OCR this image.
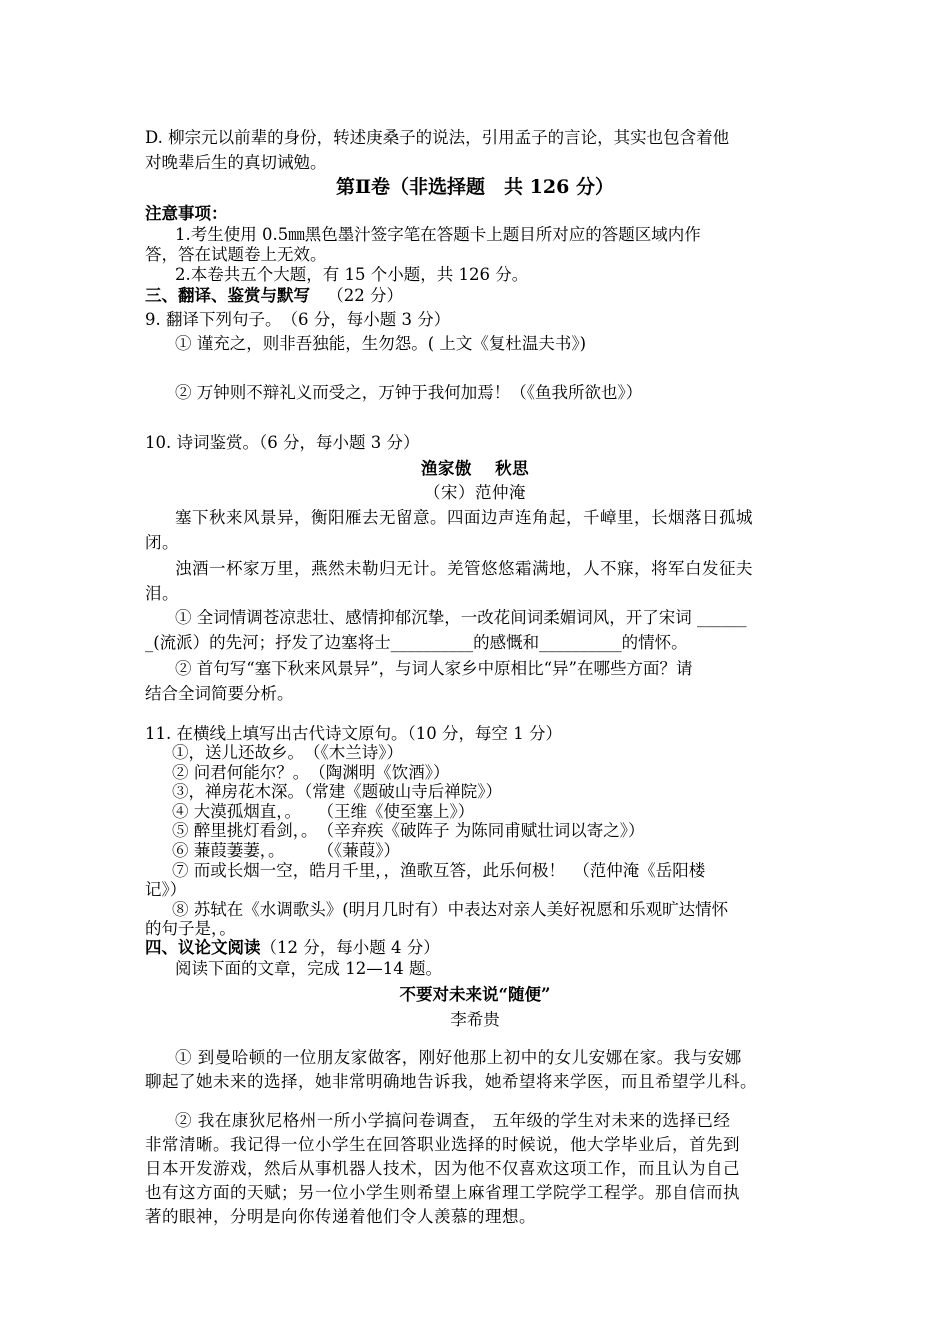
D. 柳宗元以前辈的身份，转述庚桑子的说法，引用孟子的言论，其实也包含着他
对晚辈后生的真切诫勉。
第Ⅱ卷（非选择题　共 126 分）
注意事项：
1.考生使用 0.5㎜黑色墨汁签字笔在答题卡上题目所对应的答题区域内作
答，答在试题卷上无效。
2.本卷共五个大题，有 15 个小题，共 126 分。
三、翻译、鉴赏与默写 （22 分）
9. 翻译下列句子。　（6 分，每小题 3 分）
① 谨充之，则非吾独能，生勿怨。( 上文《复杜温夫书》)
② 万钟则不辩礼义而受之，万钟于我何加焉！（《鱼我所欲也》）
10. 诗词鉴赏。（6 分，每小题 3 分）
渔家傲　 秋思
（宋）范仲淹
塞下秋来风景异，衡阳雁去无留意。四面边声连角起，千嶂里，长烟落日孤城
闭。
浊酒一杯家万里，燕然未勒归无计。羌管悠悠霜满地，人不寐，将军白发征夫
泪。
① 全词情调苍凉悲壮、感情抑郁沉挚，一改花间词柔媚词风，开了宋词 ______
_(流派）的先河；抒发了边塞将士__________的感慨和__________的情怀。
② 首句写“塞下秋来风景异”，与词人家乡中原相比“异”在哪些方面？请
结合全词简要分析。
11. 在横线上填写出古代诗文原句。（10 分，每空 1 分）
①，送儿还故乡。　（《木兰诗》）
② 问君何能尔？。　（陶渊明《饮酒》）
③，禅房花木深。（常建《题破山寺后禅院》）
④ 大漠孤烟直，。　　（王维《使至塞上》）
⑤ 醉里挑灯看剑，。　（辛弃疾《破阵子 为陈同甫赋壮词以寄之》）
⑥ 蒹葭萋萋，。　　　（《蒹葭》）
⑦ 而或长烟一空，皓月千里，，渔歌互答，此乐何极！　（范仲淹《岳阳楼
记》）
⑧ 苏轼在《水调歌头》(明月几时有）中表达对亲人美好祝愿和乐观旷达情怀
的句子是，。
四、议论文阅读（12 分，每小题 4 分）
阅读下面的文章，完成 12—14 题。
不要对未来说“随便”
李希贵
① 到曼哈顿的一位朋友家做客，刚好他那上初中的女儿安娜在家。我与安娜
聊起了她未来的选择，她非常明确地告诉我，她希望将来学医，而且希望学儿科。
② 我在康狄尼格州一所小学搞问卷调查， 五年级的学生对未来的选择已经
非常清晰。我记得一位小学生在回答职业选择的时候说，他大学毕业后，首先到
日本开发游戏，然后从事机器人技术，因为他不仅喜欢这项工作，而且认为自己
也有这方面的天赋；另一位小学生则希望上麻省理工学院学工程学。那自信而执
著的眼神，分明是向你传递着他们令人羡慕的理想。
